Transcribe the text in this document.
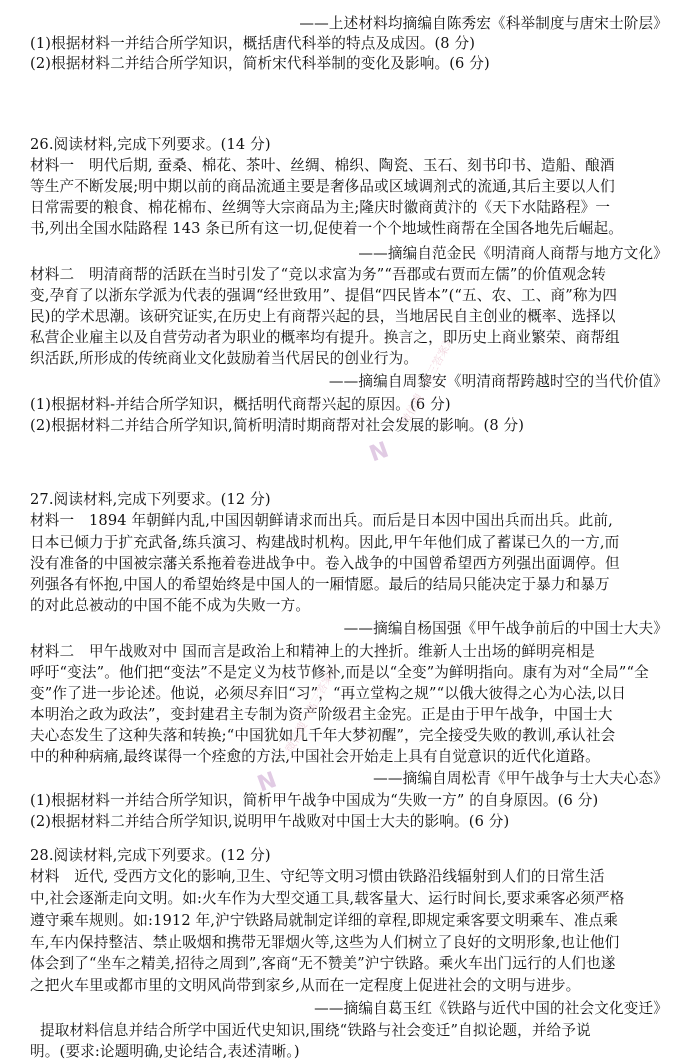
——上述材料均摘编自陈秀宏《科举制度与唐宋士阶层》
(1)根据材料一并结合所学知识，概括唐代科举的特点及成因。(8 分)
(2)根据材料二并结合所学知识，简析宋代科举制的变化及影响。(6 分)
26.阅读材料,完成下列要求。(14 分)
材料一　明代后期, 蚕桑、棉花、茶叶、丝绸、棉织、陶瓷、玉石、刻书印书、造船、酿酒
等生产不断发展;明中期以前的商品流通主要是奢侈品或区域调剂式的流通,其后主要以人们
日常需要的粮食、棉花棉布、丝绸等大宗商品为主;隆庆时徽商黄汴的《天下水陆路程》一
书,列出全国水陆路程 143 条已所有这一切,促使着一个个地域性商帮在全国各地先后崛起。
——摘编自范金民《明清商人商帮与地方文化》
材料二　明清商帮的活跃在当时引发了“竞以求富为务”“吾郡或右贾而左儒”的价值观念转
变,孕育了以浙东学派为代表的强调“经世致用”、提倡“四民皆本”(“五、农、工、商”称为四
民)的学术思潮。该研究证实,在历史上有商帮兴起的县，当地居民自主创业的概率、选择以
私营企业雇主以及自营劳动者为职业的概率均有提升。换言之，即历史上商业繁荣、商帮组
织活跃,所形成的传统商业文化鼓励着当代居民的创业行为。
——摘编自周黎安《明清商帮跨越时空的当代价值》
(1)根据材料-并结合所学知识，概括明代商帮兴起的原因。(6 分)
(2)根据材料二并结合所学知识,简析明清时期商帮对社会发展的影响。(8 分)
27.阅读材料,完成下列要求。(12 分)
材料一　1894 年朝鲜内乱,中国因朝鲜请求而出兵。而后是日本因中国出兵而出兵。此前,
日本已倾力于扩充武备,练兵演习、构建战时机构。因此,甲午年他们成了蓄谋已久的一方,而
没有准备的中国被宗藩关系拖着卷进战争中。卷入战争的中国曾希望西方列强出面调停。但
列强各有怀抱,中国人的希望始终是中国人的一厢情愿。最后的结局只能决定于暴力和暴万
的对此总被动的中国不能不成为失败一方。
——摘编自杨国强《甲午战争前后的中国士大夫》
材料二　甲午战败对中 国而言是政治上和精神上的大挫折。维新人士出场的鲜明亮相是
呼吁“变法”。他们把“变法”不是定义为枝节修补,而是以“全变”为鲜明指向。康有为对“全局”“全
变”作了进一步论述。他说，必须尽弃旧“习”，“再立堂构之规”“以俄大彼得之心为心法,以日
本明治之政为政法”，变封建君主专制为资产阶级君主金宪。正是由于甲午战争，中国士大
夫心态发生了这种失落和转换;“中国犹如几千年大梦初醒”，完全接受失败的教训,承认社会
中的种种病痛,最终谋得一个痊愈的方法,中国社会开始走上具有自觉意识的近代化道路。
——摘编自周松青《甲午战争与士大夫心态》
(1)根据材料一并结合所学知识，简析甲午战争中国成为“失败一方” 的自身原因。(6 分)
(2)根据材料二并结合所学知识,说明甲午战败对中国士大夫的影响。(6 分)
28.阅读材料,完成下列要求。(12 分)
材料　近代, 受西方文化的影响,卫生、守纪等文明习惯由铁路沿线辐射到人们的日常生活
中,社会逐渐走向文明。如:火车作为大型交通工具,载客量大、运行时间长,要求乘客必须严格
遵守乘车规则。如:1912 年,沪宁铁路局就制定详细的章程,即规定乘客要文明乘车、准点乘
车,车内保持整洁、禁止吸烟和携带无罪烟火等,这些为人们树立了良好的文明形象,也让他们
体会到了“坐车之精美,招待之周到”,客商“无不赞美”沪宁铁路。乘火车出门远行的人们也遂
之把火车里或都市里的文明风尚带到家乡,从而在一定程度上促进社会的文明与进步。
——摘编自葛玉红《铁路与近代中国的社会文化变迁》
提取材料信息并结合所学中国近代史知识,围绕“铁路与社会变迁”自拟论题，并给予说
明。(要求:论题明确,史论结合,表述清晰。)
N
微信搜《高三答案》
N
微信搜《高三答案》
